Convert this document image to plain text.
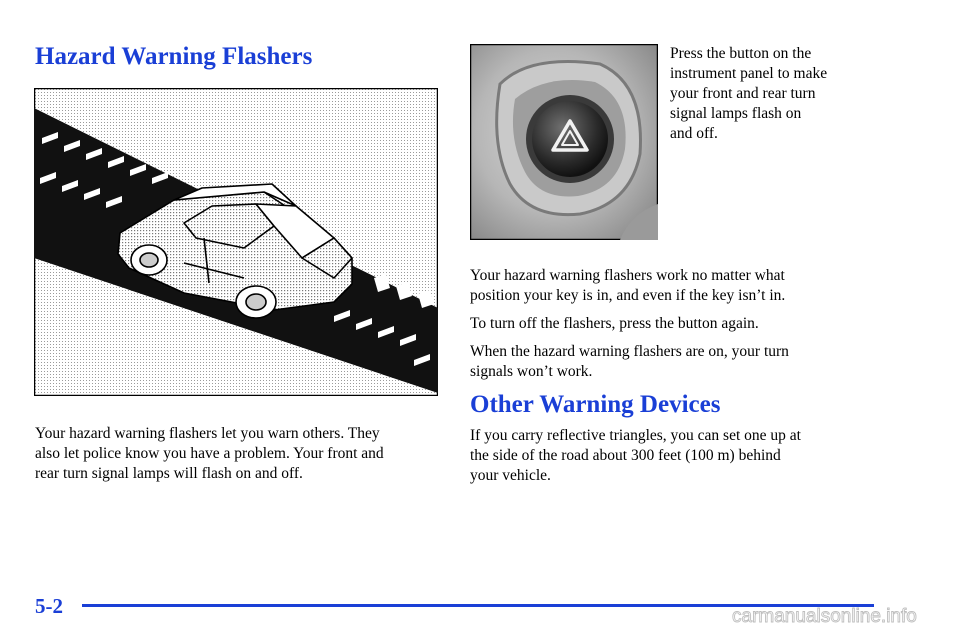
Hazard Warning Flashers

Your hazard warning flashers let you warn others. They
also let police know you have a problem. Your front and
rear turn signal lamps will flash on and off.

Press the button on the
instrument panel to make
your front and rear turn
signal lamps flash on
and off.

Your hazard warning flashers work no matter what
position your key is in, and even if the key isn’t in.

To turn off the flashers, press the button again.

When the hazard warning flashers are on, your turn
signals won’t work.

Other Warning Devices

If you carry reflective triangles, you can set one up at
the side of the road about 300 feet (100 m) behind
your vehicle.

5-2	carmanualsonline.info
